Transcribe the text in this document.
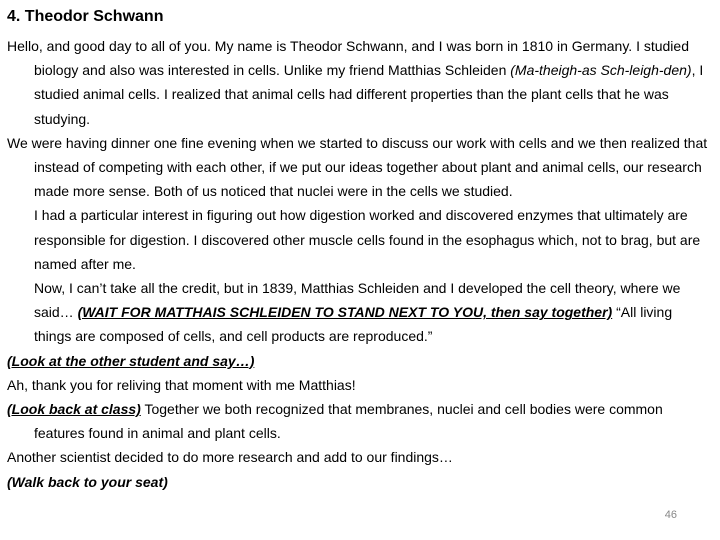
4. Theodor Schwann

Hello, and good day to all of you. My name is Theodor Schwann, and I was born in 1810 in Germany. I studied biology and also was interested in cells. Unlike my friend Matthias Schleiden (Ma-theigh-as Sch-leigh-den), I studied animal cells. I realized that animal cells had different properties than the plant cells that he was studying.

We were having dinner one fine evening when we started to discuss our work with cells and we then realized that instead of competing with each other, if we put our ideas together about plant and animal cells, our research made more sense. Both of us noticed that nuclei were in the cells we studied.

I had a particular interest in figuring out how digestion worked and discovered enzymes that ultimately are responsible for digestion. I discovered other muscle cells found in the esophagus which, not to brag, but are named after me.

Now, I can’t take all the credit, but in 1839, Matthias Schleiden and I developed the cell theory, where we said… (WAIT FOR MATTHAIS SCHLEIDEN TO STAND NEXT TO YOU, then say together) “All living things are composed of cells, and cell products are reproduced.”

(Look at the other student and say…)

Ah, thank you for reliving that moment with me Matthias!

(Look back at class) Together we both recognized that membranes, nuclei and cell bodies were common features found in animal and plant cells.

Another scientist decided to do more research and add to our findings…

(Walk back to your seat)

46
